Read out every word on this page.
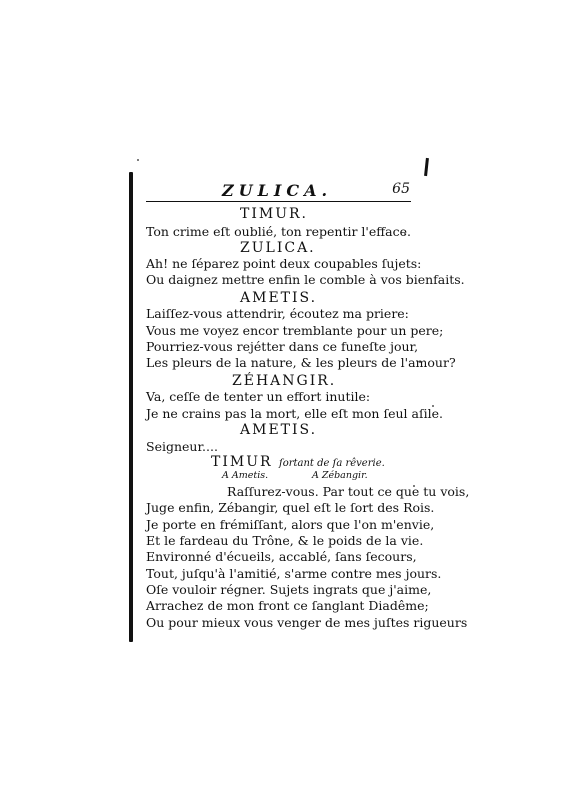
ZULICA.	65
TIMUR.
Ton crime eſt oublié, ton repentir l'efface.
ZULICA.
Ah! ne ſéparez point deux coupables ſujets:
Ou daignez mettre enfin le comble à vos bienfaits.
AMETIS.
Laiſſez-vous attendrir, écoutez ma priere:
Vous me voyez encor tremblante pour un pere;
Pourriez-vous rejétter dans ce funeſte jour,
Les pleurs de la nature, & les pleurs de l'amour?
ZÉHANGIR.
Va, ceſſe de tenter un effort inutile:
Je ne crains pas la mort, elle eſt mon ſeul aſile.
AMETIS.
Seigneur....
TIMUR ſortant de ſa rêverie.
A Ametis.	A Zébangir.
Raſſurez-vous. Par tout ce que tu vois,
Juge enfin, Zébangir, quel eſt le ſort des Rois.
Je porte en frémiſſant, alors que l'on m'envie,
Et le fardeau du Trône, & le poids de la vie.
Environné d'écueils, accablé, ſans ſecours,
Tout, juſqu'à l'amitié, s'arme contre mes jours.
Oſe vouloir régner. Sujets ingrats que j'aime,
Arrachez de mon front ce ſanglant Diadême;
Ou pour mieux vous venger de mes juſtes rigueurs
